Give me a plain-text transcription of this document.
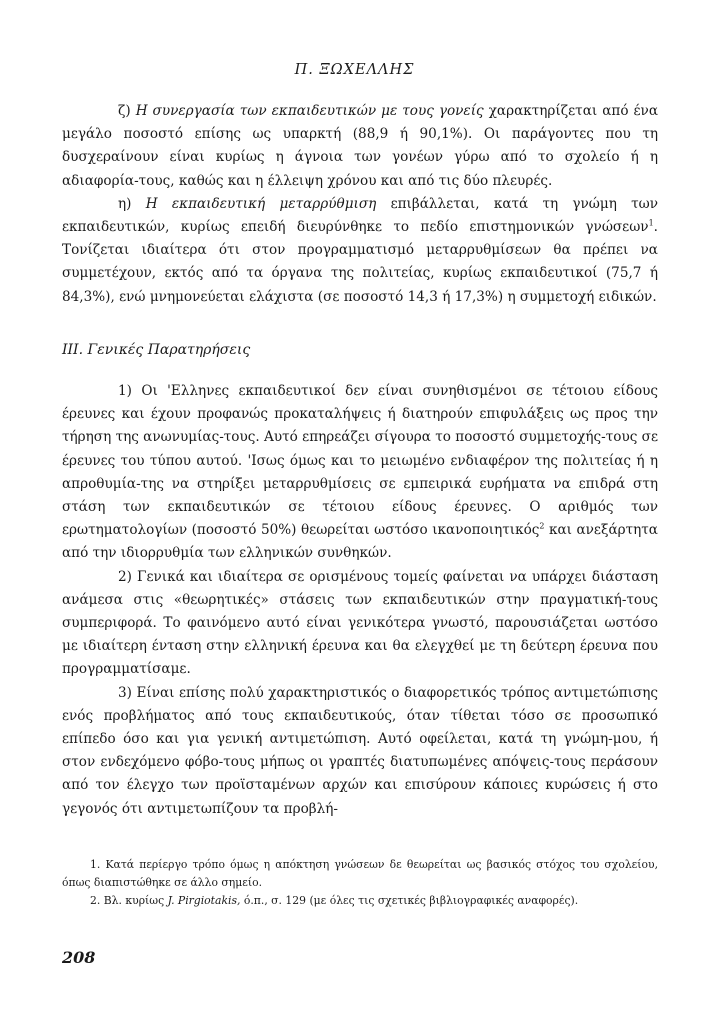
Π. ΞΩΧΕΛΛΗΣ

ζ) Η συνεργασία των εκπαιδευτικών με τους γονείς χαρακτηρίζεται από ένα μεγάλο ποσοστό επίσης ως υπαρκτή (88,9 ή 90,1%). Οι παράγοντες που τη δυσχεραίνουν είναι κυρίως η άγνοια των γονέων γύρω από το σχολείο ή η αδιαφορία-τους, καθώς και η έλλειψη χρόνου και από τις δύο πλευρές.

η) Η εκπαιδευτική μεταρρύθμιση επιβάλλεται, κατά τη γνώμη των εκπαιδευτικών, κυρίως επειδή διευρύνθηκε το πεδίο επιστημονικών γνώσεων$^1$. Τονίζεται ιδιαίτερα ότι στον προγραμματισμό μεταρρυθμίσεων θα πρέπει να συμμετέχουν, εκτός από τα όργανα της πολιτείας, κυρίως εκπαιδευτικοί (75,7 ή 84,3%), ενώ μνημονεύεται ελάχιστα (σε ποσοστό 14,3 ή 17,3%) η συμμετοχή ειδικών.

III. Γενικές Παρατηρήσεις

1) Οι 'Ελληνες εκπαιδευτικοί δεν είναι συνηθισμένοι σε τέτοιου είδους έρευνες και έχουν προφανώς προκαταλήψεις ή διατηρούν επιφυλάξεις ως προς την τήρηση της ανωνυμίας-τους. Αυτό επηρεάζει σίγουρα το ποσοστό συμμετοχής-τους σε έρευνες του τύπου αυτού. 'Ισως όμως και το μειωμένο ενδιαφέρον της πολιτείας ή η απροθυμία-της να στηρίξει μεταρρυθμίσεις σε εμπειρικά ευρήματα να επιδρά στη στάση των εκπαιδευτικών σε τέτοιου είδους έρευνες. Ο αριθμός των ερωτηματολογίων (ποσοστό 50%) θεωρείται ωστόσο ικανοποιητικός$^2$ και ανεξάρτητα από την ιδιορρυθμία των ελληνικών συνθηκών.

2) Γενικά και ιδιαίτερα σε ορισμένους τομείς φαίνεται να υπάρχει διάσταση ανάμεσα στις «θεωρητικές» στάσεις των εκπαιδευτικών στην πραγματική-τους συμπεριφορά. Το φαινόμενο αυτό είναι γενικότερα γνωστό, παρουσιάζεται ωστόσο με ιδιαίτερη ένταση στην ελληνική έρευνα και θα ελεγχθεί με τη δεύτερη έρευνα που προγραμματίσαμε.

3) Είναι επίσης πολύ χαρακτηριστικός ο διαφορετικός τρόπος αντιμετώπισης ενός προβλήματος από τους εκπαιδευτικούς, όταν τίθεται τόσο σε προσωπικό επίπεδο όσο και για γενική αντιμετώπιση. Αυτό οφείλεται, κατά τη γνώμη-μου, ή στον ενδεχόμενο φόβο-τους μήπως οι γραπτές διατυπωμένες απόψεις-τους περάσουν από τον έλεγχο των προϊσταμένων αρχών και επισύρουν κάποιες κυρώσεις ή στο γεγονός ότι αντιμετωπίζουν τα προβλή-

1. Κατά περίεργο τρόπο όμως η απόκτηση γνώσεων δε θεωρείται ως βασικός στόχος του σχολείου, όπως διαπιστώθηκε σε άλλο σημείο.

2. Βλ. κυρίως J. Pirgiotakis, ό.π., σ. 129 (με όλες τις σχετικές βιβλιογραφικές αναφορές).

208
